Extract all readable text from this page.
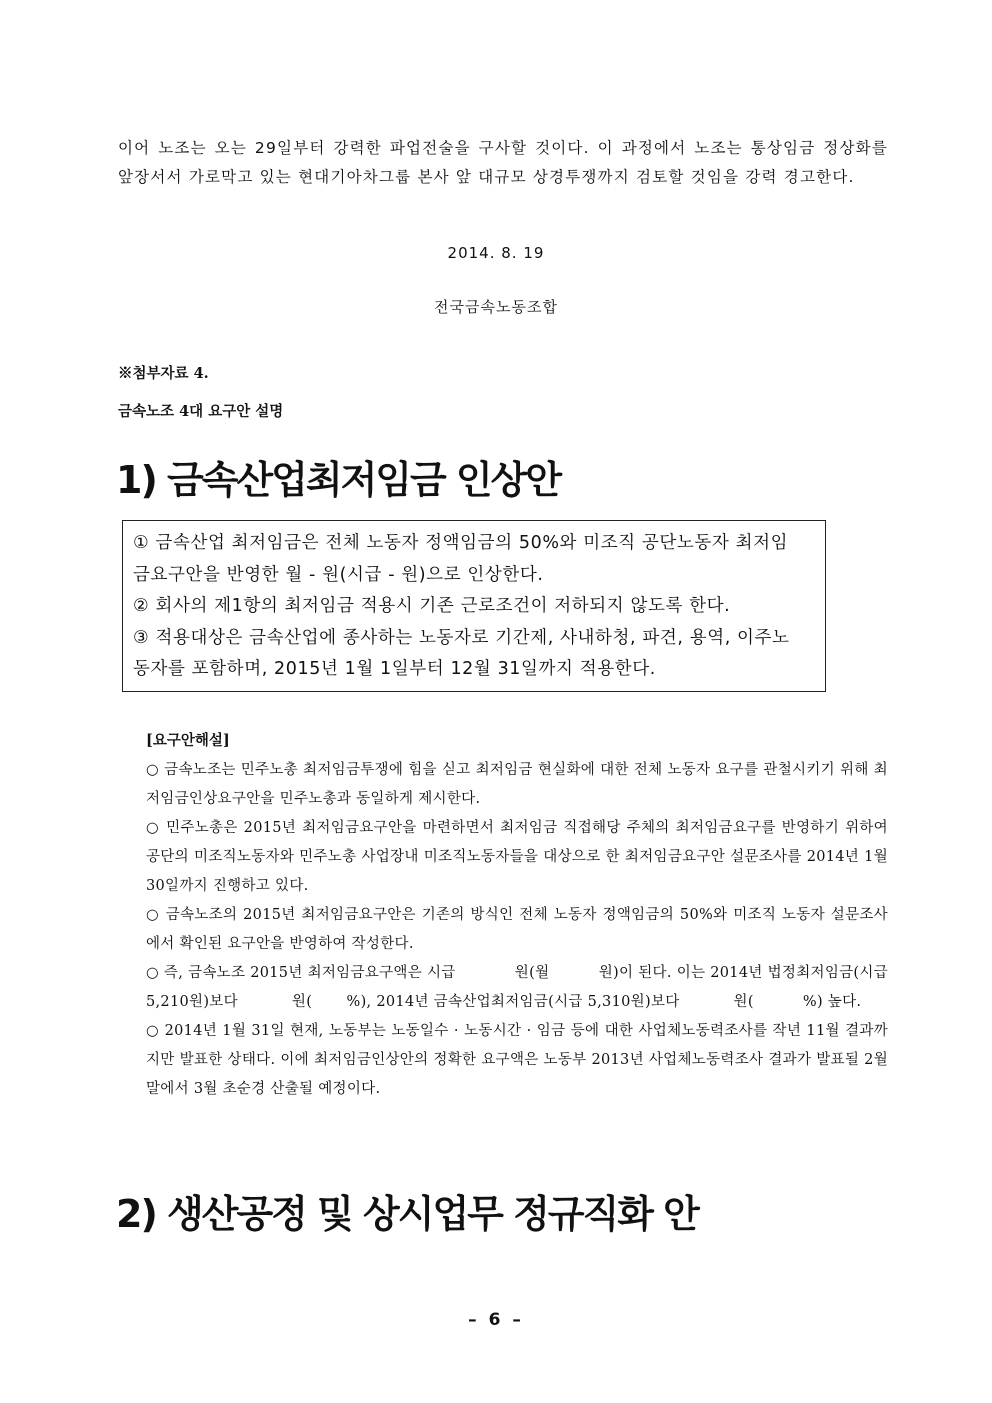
이어 노조는 오는 29일부터 강력한 파업전술을 구사할 것이다. 이 과정에서 노조는 통상임금 정상화를 앞장서서 가로막고 있는 현대기아차그룹 본사 앞 대규모 상경투쟁까지 검토할 것임을 강력 경고한다.

2014. 8. 19
전국금속노동조합
※첨부자료 4.
금속노조 4대 요구안 설명
1) 금속산업최저임금 인상안

① 금속산업 최저임금은 전체 노동자 정액임금의 50%와 미조직 공단노동자 최저임

금요구안을 반영한 월 - 원(시급 - 원)으로 인상한다.

② 회사의 제1항의 최저임금 적용시 기존 근로조건이 저하되지 않도록 한다.

③ 적용대상은 금속산업에 종사하는 노동자로 기간제, 사내하청, 파견, 용역, 이주노

동자를 포함하며, 2015년 1월 1일부터 12월 31일까지 적용한다.

[요구안해설]

○ 금속노조는 민주노총 최저임금투쟁에 힘을 싣고 최저임금 현실화에 대한 전체 노동자 요구를 관철시키기 위해 최저임금인상요구안을 민주노총과 동일하게 제시한다.

○ 민주노총은 2015년 최저임금요구안을 마련하면서 최저임금 직접해당 주체의 최저임금요구를 반영하기 위하여 공단의 미조직노동자와 민주노총 사업장내 미조직노동자들을 대상으로 한 최저임금요구안 설문조사를 2014년 1월 30일까지 진행하고 있다.

○ 금속노조의 2015년 최저임금요구안은 기존의 방식인 전체 노동자 정액임금의 50%와 미조직 노동자 설문조사에서 확인된 요구안을 반영하여 작성한다.

○ 즉, 금속노조 2015년 최저임금요구액은 시급            원(월          원)이 된다. 이는 2014년 법정최저임금(시급 5,210원)보다           원(       %), 2014년 금속산업최저임금(시급 5,310원)보다           원(          %) 높다.

○ 2014년 1월 31일 현재, 노동부는 노동일수 · 노동시간 · 임금 등에 대한 사업체노동력조사를 작년 11월 결과까지만 발표한 상태다. 이에 최저임금인상안의 정확한 요구액은 노동부 2013년 사업체노동력조사 결과가 발표될 2월말에서 3월 초순경 산출될 예정이다.

2) 생산공정 및 상시업무 정규직화 안
– 6 –
